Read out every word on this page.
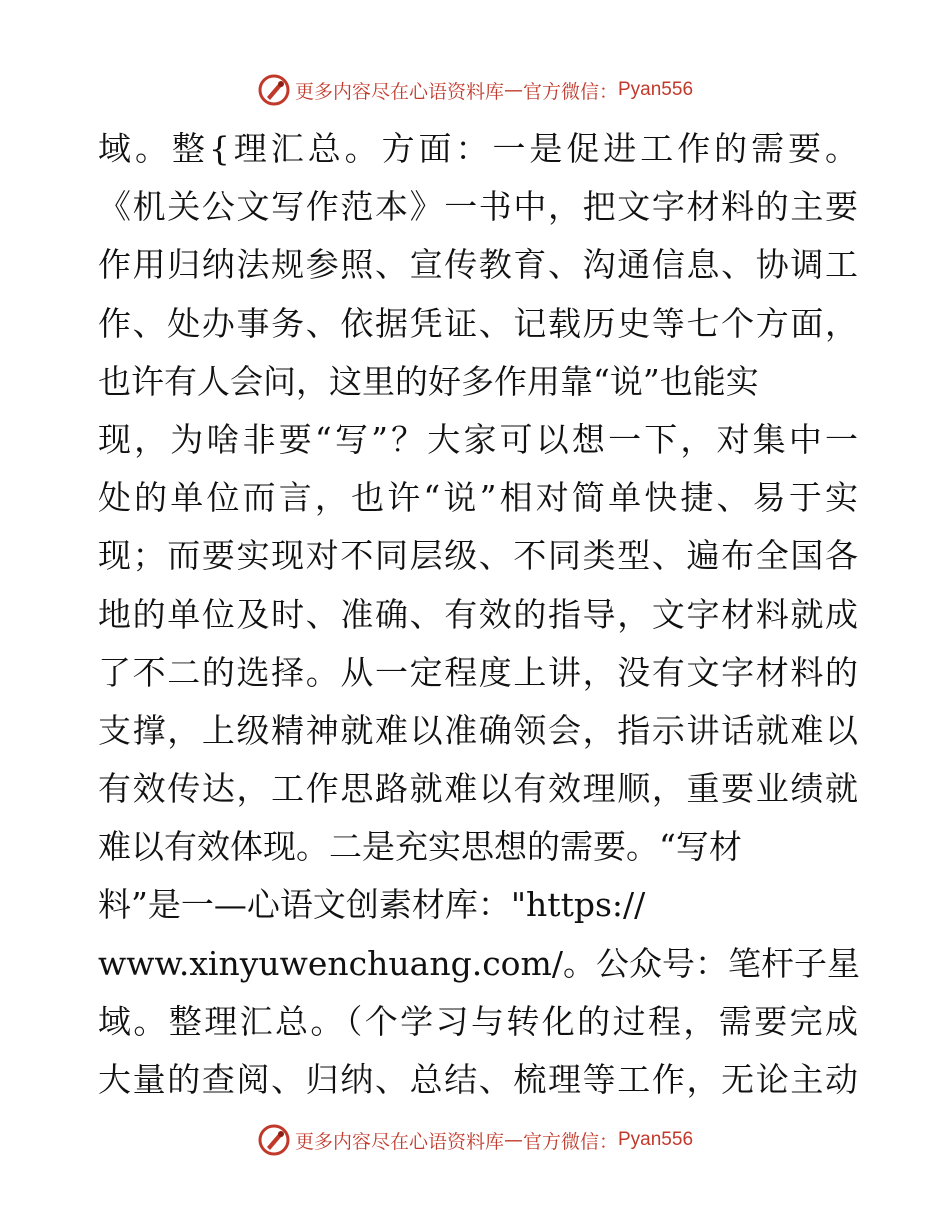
更多内容尽在心语资料库 — 官方微信： Pyan556
域。整{理汇总。方面：一是促进工作的需要。
《机关公文写作范本》一书中，把文字材料的主要
作用归纳法规参照、宣传教育、沟通信息、协调工
作、处办事务、依据凭证、记载历史等七个方面，
也许有人会问，这里的好多作用靠“说”也能实
现，为啥非要“写”？大家可以想一下，对集中一
处的单位而言，也许“说”相对简单快捷、易于实
现；而要实现对不同层级、不同类型、遍布全国各
地的单位及时、准确、有效的指导，文字材料就成
了不二的选择。从一定程度上讲，没有文字材料的
支撑，上级精神就难以准确领会，指示讲话就难以
有效传达，工作思路就难以有效理顺，重要业绩就
难以有效体现。二是充实思想的需要。“写材
料”是一—心语文创素材库："https://
www.xinyuwenchuang.com/。公众号：笔杆子星
域。整理汇总。（个学习与转化的过程，需要完成
大量的查阅、归纳、总结、梳理等工作，无论主动
更多内容尽在心语资料库 — 官方微信： Pyan556
